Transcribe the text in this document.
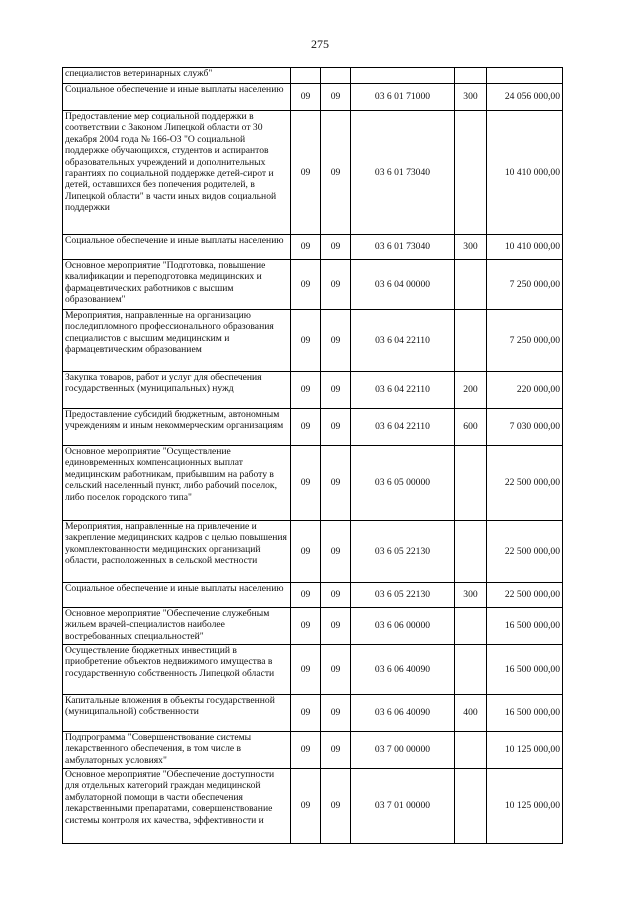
275
специалистов ветеринарных служб"					
Социальное обеспечение и иные выплаты населению	09	09	03 6 01 71000	300	24 056 000,00
Предоставление мер социальной поддержки в соответствии с Законом Липецкой области от 30 декабря 2004 года № 166-ОЗ "О социальной поддержке обучающихся, студентов и аспирантов образовательных учреждений и дополнительных гарантиях по социальной поддержке детей-сирот и детей, оставшихся без попечения родителей, в Липецкой области" в части иных видов социальной поддержки	09	09	03 6 01 73040		10 410 000,00
Социальное обеспечение и иные выплаты населению	09	09	03 6 01 73040	300	10 410 000,00
Основное мероприятие "Подготовка, повышение квалификации и переподготовка медицинских и фармацевтических работников с высшим образованием"	09	09	03 6 04 00000		7 250 000,00
Мероприятия, направленные на организацию последипломного профессионального образования специалистов с высшим медицинским и фармацевтическим образованием	09	09	03 6 04 22110		7 250 000,00
Закупка товаров, работ и услуг для обеспечения государственных (муниципальных) нужд	09	09	03 6 04 22110	200	220 000,00
Предоставление субсидий бюджетным, автономным учреждениям и иным некоммерческим организациям	09	09	03 6 04 22110	600	7 030 000,00
Основное мероприятие "Осуществление единовременных компенсационных выплат медицинским работникам, прибывшим на работу в сельский населенный пункт, либо рабочий поселок, либо поселок городского типа"	09	09	03 6 05 00000		22 500 000,00
Мероприятия, направленные на привлечение и закрепление медицинских кадров с целью повышения укомплектованности медицинских организаций области, расположенных в сельской местности	09	09	03 6 05 22130		22 500 000,00
Социальное обеспечение и иные выплаты населению	09	09	03 6 05 22130	300	22 500 000,00
Основное мероприятие "Обеспечение служебным жильем врачей-специалистов наиболее востребованных специальностей"	09	09	03 6 06 00000		16 500 000,00
Осуществление бюджетных инвестиций в приобретение объектов недвижимого имущества в государственную собственность Липецкой области	09	09	03 6 06 40090		16 500 000,00
Капитальные вложения в объекты государственной (муниципальной) собственности	09	09	03 6 06 40090	400	16 500 000,00
Подпрограмма "Совершенствование системы лекарственного обеспечения, в том числе в амбулаторных условиях"	09	09	03 7 00 00000		10 125 000,00
Основное мероприятие "Обеспечение доступности для отдельных категорий граждан медицинской амбулаторной помощи в части обеспечения лекарственными препаратами, совершенствование системы контроля их качества, эффективности и	09	09	03 7 01 00000		10 125 000,00
